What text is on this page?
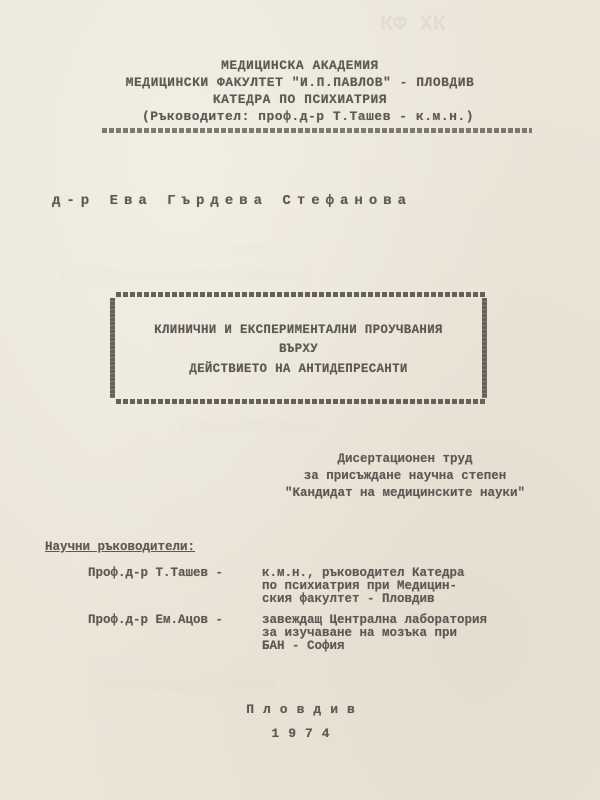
КФ ХК
░░░░░░
░░░░░░░░░░░░░░░░░░░░░░░░░░░░░░░░░░░░░░
░░░░░░░░░░░░░░░░░░░░░
░░░░░░░░░░░░░░░░░░░░░░░░░░░░
МЕДИЦИНСКА АКАДЕМИЯ
МЕДИЦИНСКИ ФАКУЛТЕТ "И.П.ПАВЛОВ" - ПЛОВДИВ
КАТЕДРА ПО ПСИХИАТРИЯ
(Ръководител: проф.д-р Т.Ташев - к.м.н.)
д-р Ева Гърдева Стефанова
КЛИНИЧНИ И ЕКСПЕРИМЕНТАЛНИ ПРОУЧВАНИЯ
ВЪРХУ
ДЕЙСТВИЕТО НА АНТИДЕПРЕСАНТИ
Дисертационен труд
за присъждане научна степен
"Кандидат на медицинските науки"
Научни ръководители:
Проф.д-р Т.Ташев -	к.м.н., ръководител Катедра
по психиатрия при Медицин-
ския факултет - Пловдив
Проф.д-р Ем.Ацов -	завеждащ Централна лаборатория
за изучаване на мозъка при
БАН - София
Пловдив
1974
